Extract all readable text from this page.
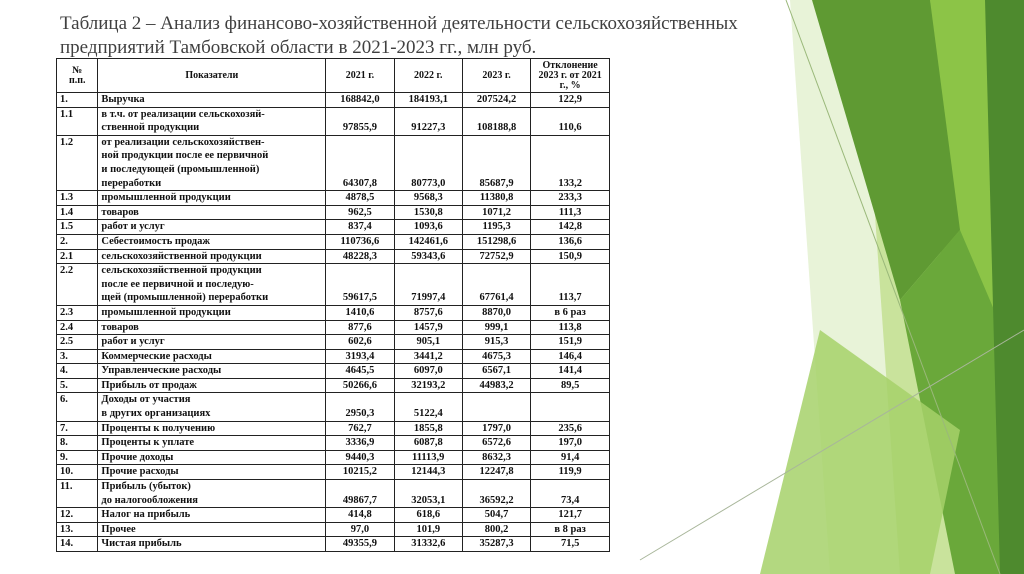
Таблица 2 – Анализ финансово-хозяйственной деятельности сельскохозяйственных предприятий Тамбовской области в 2021-2023 гг., млн руб.
№
п.п.	Показатели	2021 г.	2022 г.	2023 г.	Отклонение 2023 г. от 2021 г., %
1.	Выручка	168842,0	184193,1	207524,2	122,9
1.1	в т.ч. от реализации сельскохозяй-
ственной продукции	97855,9	91227,3	108188,8	110,6
1.2	от реализации сельскохозяйствен-
ной продукции после ее первичной
и последующей (промышленной)
переработки	64307,8	80773,0	85687,9	133,2
1.3	промышленной продукции	4878,5	9568,3	11380,8	233,3
1.4	товаров	962,5	1530,8	1071,2	111,3
1.5	работ и услуг	837,4	1093,6	1195,3	142,8
2.	Себестоимость продаж	110736,6	142461,6	151298,6	136,6
2.1	сельскохозяйственной продукции	48228,3	59343,6	72752,9	150,9
2.2	сельскохозяйственной продукции
после ее первичной и последую-
щей (промышленной) переработки	59617,5	71997,4	67761,4	113,7
2.3	промышленной продукции	1410,6	8757,6	8870,0	в 6 раз
2.4	товаров	877,6	1457,9	999,1	113,8
2.5	работ и услуг	602,6	905,1	915,3	151,9
3.	Коммерческие расходы	3193,4	3441,2	4675,3	146,4
4.	Управленческие расходы	4645,5	6097,0	6567,1	141,4
5.	Прибыль от продаж	50266,6	32193,2	44983,2	89,5
6.	Доходы от участия
в других организациях	2950,3	5122,4		
7.	Проценты к получению	762,7	1855,8	1797,0	235,6
8.	Проценты к уплате	3336,9	6087,8	6572,6	197,0
9.	Прочие доходы	9440,3	11113,9	8632,3	91,4
10.	Прочие расходы	10215,2	12144,3	12247,8	119,9
11.	Прибыль (убыток)
до налогообложения	49867,7	32053,1	36592,2	73,4
12.	Налог на прибыль	414,8	618,6	504,7	121,7
13.	Прочее	97,0	101,9	800,2	в 8 раз
14.	Чистая прибыль	49355,9	31332,6	35287,3	71,5
